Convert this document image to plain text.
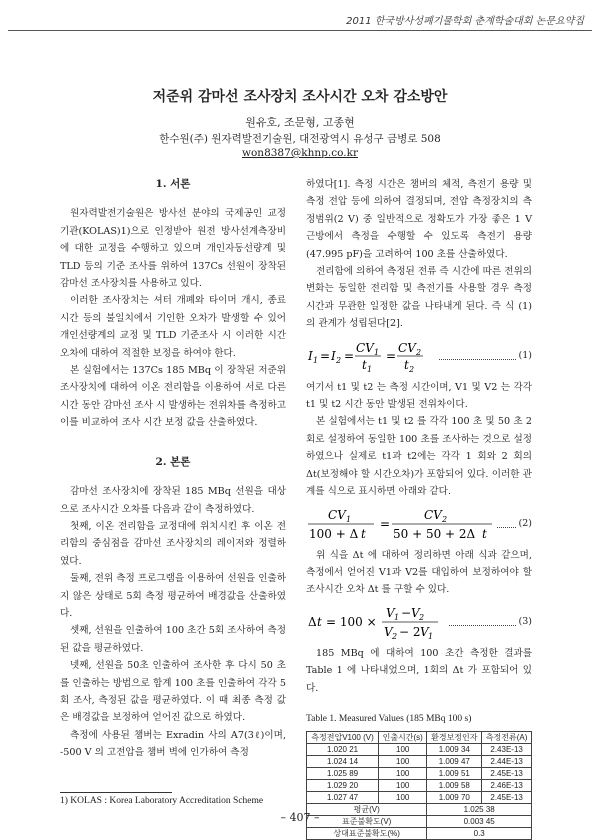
2011 한국방사성폐기물학회 춘계학술대회 논문요약집
저준위 감마선 조사장치 조사시간 오차 감소방안
원유호, 조문형, 고종현
한수원(주) 원자력발전기술원, 대전광역시 유성구 금병로 508
won8387@khnp.co.kr
1. 서론

원자력발전기술원은 방사선 분야의 국제공인 교정기관(KOLAS)1)으로 인정받아 원전 방사선계측장비에 대한 교정을 수행하고 있으며 개인자동선량계 및 TLD 등의 기준 조사를 위하여 137Cs 선원이 장착된 감마선 조사장치를 사용하고 있다.

이러한 조사장치는 셔터 개폐와 타이머 개시, 종료 시간 등의 불일치에서 기인한 오차가 발생할 수 있어 개인선량계의 교정 및 TLD 기준조사 시 이러한 시간 오차에 대하여 적절한 보정을 하여야 한다.

본 실험에서는 137Cs 185 MBq 이 장착된 저준위 조사장치에 대하여 이온 전리함을 이용하여 서로 다른 시간 동안 감마선 조사 시 발생하는 전위차를 측정하고 이를 비교하여 조사 시간 보정 값을 산출하였다.

2. 본론

감마선 조사장치에 장착된 185 MBq 선원을 대상으로 조사시간 오차를 다음과 같이 측정하였다.

첫째, 이온 전리함을 교정대에 위치시킨 후 이온 전리함의 중심점을 감마선 조사장치의 레이저와 정렬하였다.

둘째, 전위 측정 프로그램을 이용하여 선원을 인출하지 않은 상태로 5회 측정 평균하여 배경값을 산출하였다.

셋째, 선원을 인출하여 100 초간 5회 조사하여 측정된 값을 평균하였다.

넷째, 선원을 50초 인출하여 조사한 후 다시 50 초를 인출하는 방법으로 합계 100 초를 인출하여 각각 5회 조사, 측정된 값을 평균하였다. 이 때 최종 측정 값은 배경값을 보정하여 얻어진 값으로 하였다.

측정에 사용된 챔버는 Exradin 사의 A7(3ℓ)이며, -500 V 의 고전압을 챔버 벽에 인가하여 측정

하였다[1]. 측정 시간은 챔버의 체적, 측전기 용량 및 측정 전압 등에 의하여 결정되며, 전압 측정장치의 측정범위(2 V) 중 일반적으로 정확도가 가장 좋은 1 V 근방에서 측정을 수행할 수 있도록 측전기 용량(47.995 pF)을 고려하여 100 초를 산출하였다.

전리함에 의하여 측정된 전류 즉 시간에 따른 전위의 변화는 동일한 전리함 및 측전기를 사용할 경우 측정 시간과 무관한 일정한 값을 나타내게 된다. 즉 식 (1)의 관계가 성립된다[2].

I 1 = I 2 =
CV 1
t 1
=
CV 2
t 2
(1)

여기서 t1 및 t2 는 측정 시간이며, V1 및 V2 는 각각 t1 및 t2 시간 동안 발생된 전위차이다.

본 실험에서는 t1 및 t2 를 각각 100 초 및 50 초 2회로 설정하여 동일한 100 초를 조사하는 것으로 설정하였으나 실제로 t1과 t2에는 각각 1 회와 2 회의 Δt(보정해야 할 시간오차)가 포함되어 있다. 이러한 관계를 식으로 표시하면 아래와 같다.

CV 1
100 + Δ t
=
CV 2
50 + 50 + 2Δ t
(2)

위 식을 Δt 에 대하여 정리하면 아래 식과 같으며, 측정에서 얻어진 V1과 V2를 대입하여 보정하여야 할 조사시간 오차 Δt 를 구할 수 있다.

Δ t = 100 ×
V 1 − V 2
V 2 − 2 V 1
(3)

185 MBq 에 대하여 100 초간 측정한 결과를 Table 1 에 나타내었으며, 1회의 Δt 가 포함되어 있다.

Table 1. Measured Values (185 MBq 100 s)
측정전압V100 (V)	인출시간(s)	환경보정인자	측정전류(A)
1.020 21	100	1.009 34	2.43E-13
1.024 14	100	1.009 47	2.44E-13
1.025 89	100	1.009 51	2.45E-13
1.029 20	100	1.009 58	2.46E-13
1.027 47	100	1.009 70	2.45E-13
평균(V)		1.025 38	
표준불확도(V)		0.003 45	
상대표준불확도(%)		0.3	
1) KOLAS : Korea Laboratory Accreditation Scheme
– 407 –
